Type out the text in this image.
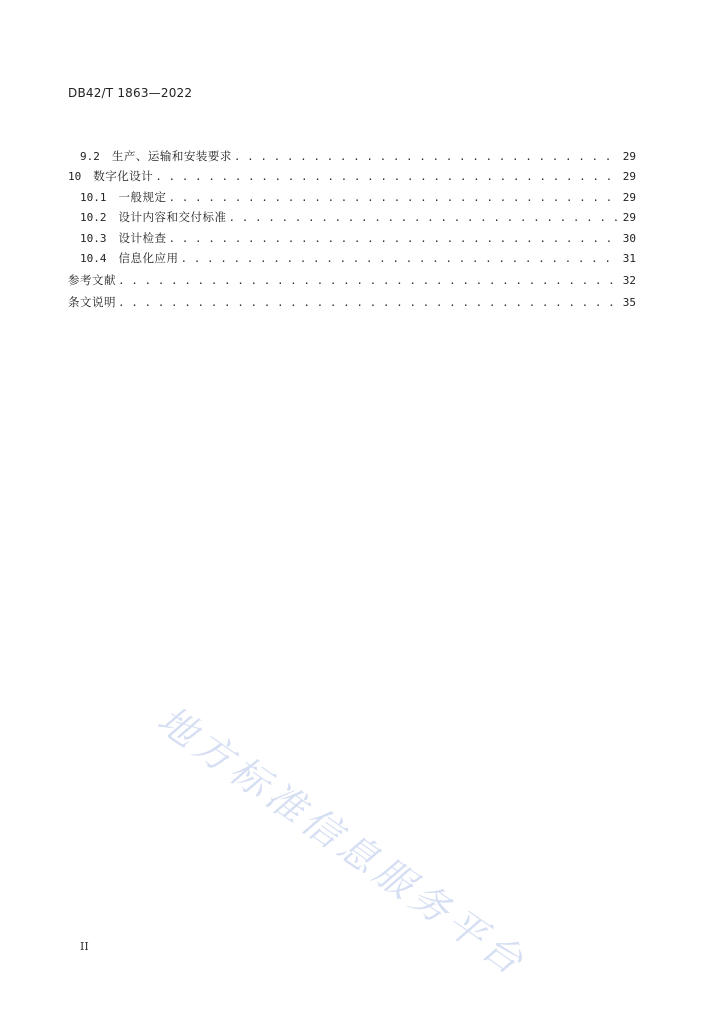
DB42/T 1863—2022
9.2	生产、运输和安装要求 . . .	29
10	数字化设计 . . .	29
10.1	一般规定 . . .	29
10.2	设计内容和交付标准 . . .	29
10.3	设计检查 . . .	30
10.4	信息化应用 . . .	31
参考文献 . . .	32
条文说明 . . .	35
地方标准信息服务平台
II
